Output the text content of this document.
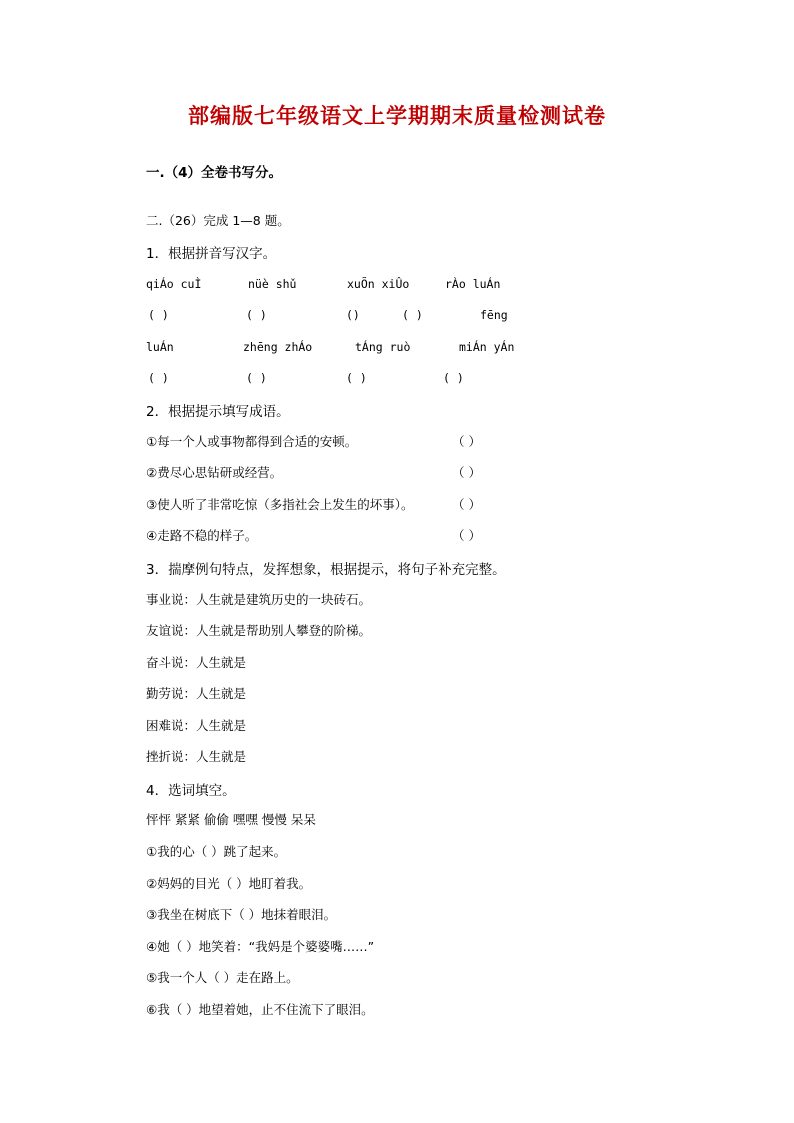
部编版七年级语文上学期期末质量检测试卷
一.（4）全卷书写分。
二.（26）完成 1—8 题。
1．根据拼音写汉字。
qiÁo cuÌ	nüè shǔ	xuÕn xiÛo	rÀo luÁn
( )	( )	()	( )	fēng
luÁn	zhēng zhÁo	tÁng ruò	miÁn yÁn
( )	( )	( )	( )
2．根据提示填写成语。
①每一个人或事物都得到合适的安顿。	（ ）
②费尽心思钻研或经营。	（ ）
③使人听了非常吃惊（多指社会上发生的坏事）。	（ ）
④走路不稳的样子。	（ ）
3．揣摩例句特点，发挥想象，根据提示，将句子补充完整。
事业说：人生就是建筑历史的一块砖石。
友谊说：人生就是帮助别人攀登的阶梯。
奋斗说：人生就是
勤劳说：人生就是
困难说：人生就是
挫折说：人生就是
4．选词填空。
怦怦 紧紧 偷偷 嘿嘿 慢慢 呆呆
①我的心（ ）跳了起来。
②妈妈的目光（ ）地盯着我。
③我坐在树底下（ ）地抹着眼泪。
④她（ ）地笑着：“我妈是个婆婆嘴……”
⑤我一个人（ ）走在路上。
⑥我（ ）地望着她，止不住流下了眼泪。
